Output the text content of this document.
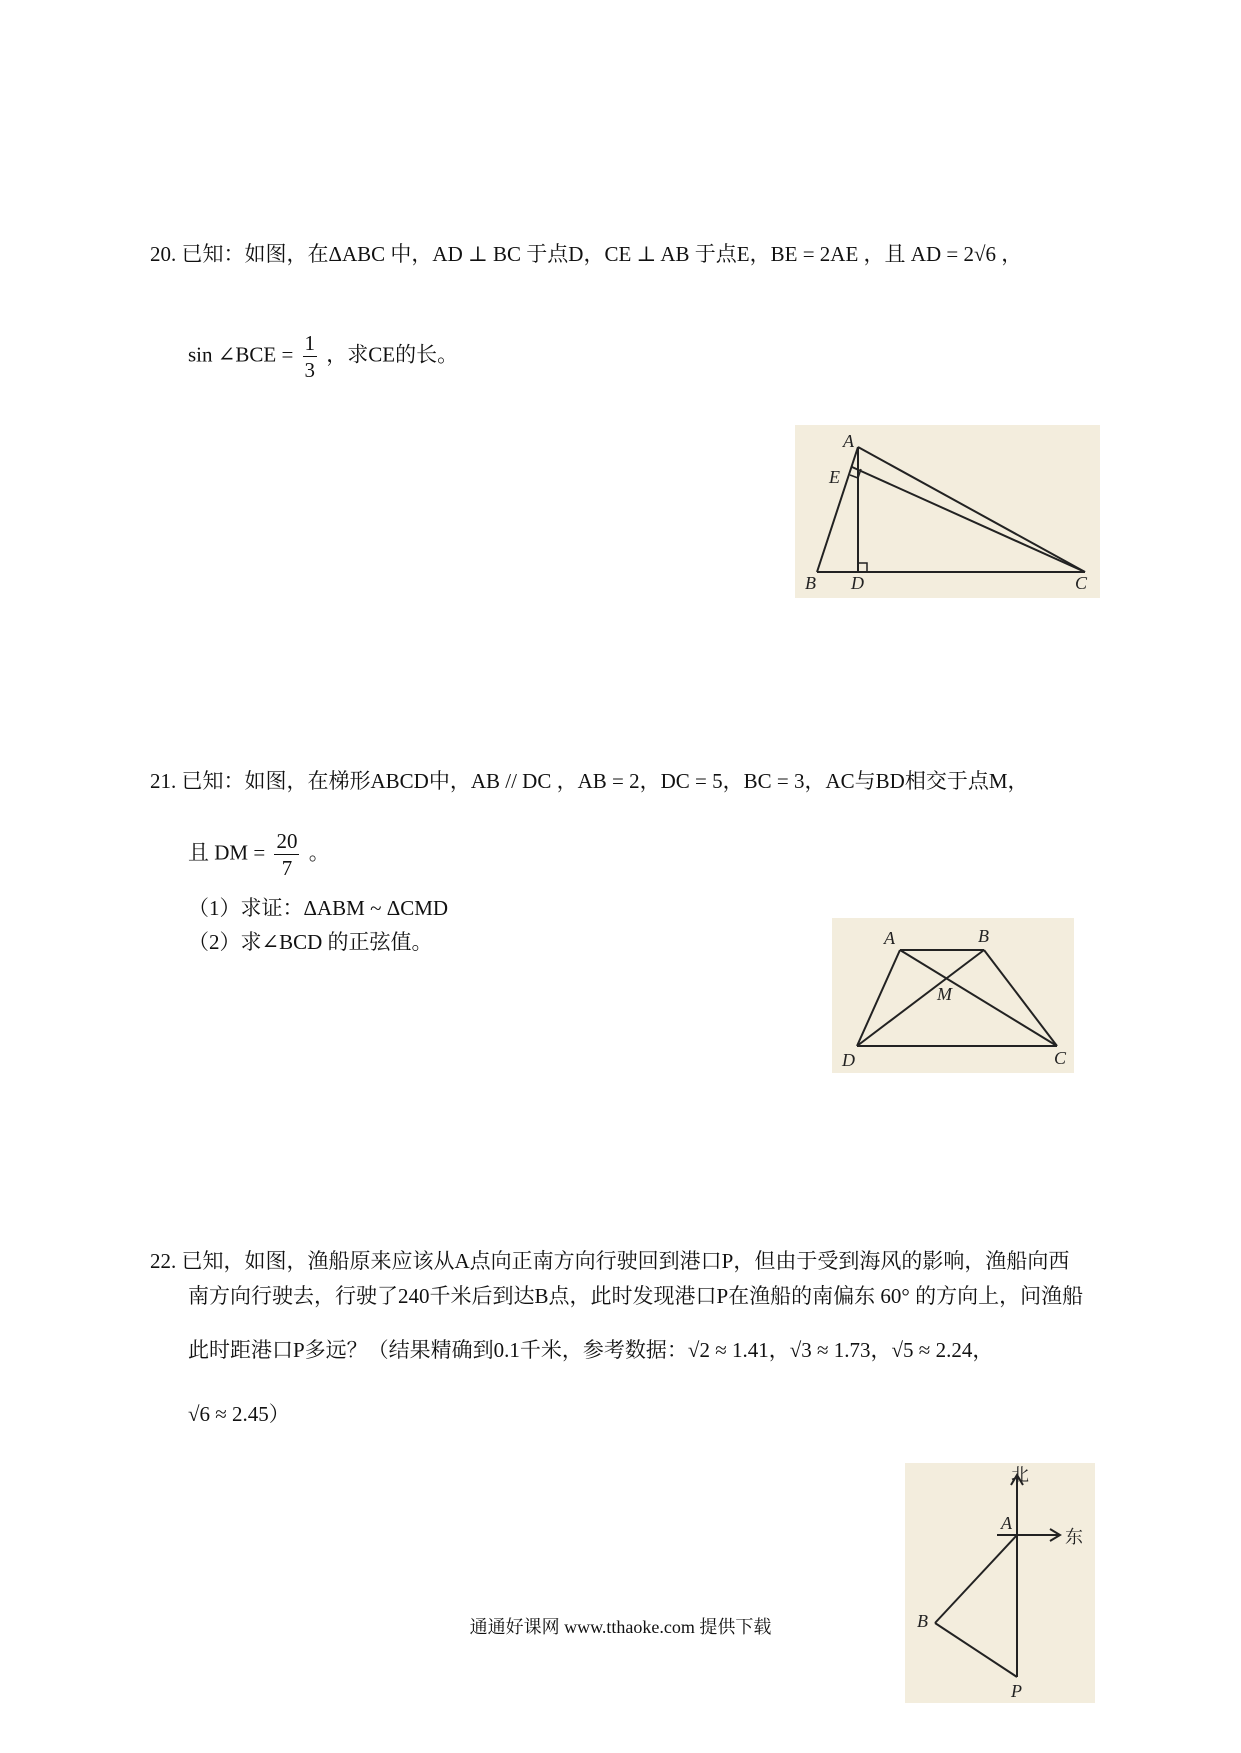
20. 已知：如图，在ΔABC 中，AD ⊥ BC 于点D，CE ⊥ AB 于点E，BE = 2AE ，且 AD = 2√6 ，
sin ∠BCE = $\frac{1}{3}$ ，求CE的长。
A
E
B D	C
21. 已知：如图，在梯形ABCD中，AB // DC ，AB = 2，DC = 5，BC = 3，AC与BD相交于点M，
且 DM = $\frac{20}{7}$ 。
（1）求证：ΔABM ~ ΔCMD
（2）求∠BCD 的正弦值。	A	B
M
D	C
22. 已知，如图，渔船原来应该从A点向正南方向行驶回到港口P，但由于受到海风的影响，渔船向西
南方向行驶去，行驶了240千米后到达B点，此时发现港口P在渔船的南偏东 60° 的方向上，问渔船
此时距港口P多远？（结果精确到0.1千米，参考数据：√2 ≈ 1.41，√3 ≈ 1.73，√5 ≈ 2.24，
√6 ≈ 2.45）
北
东
A
B
P
通通好课网 www.tthaoke.com 提供下载
